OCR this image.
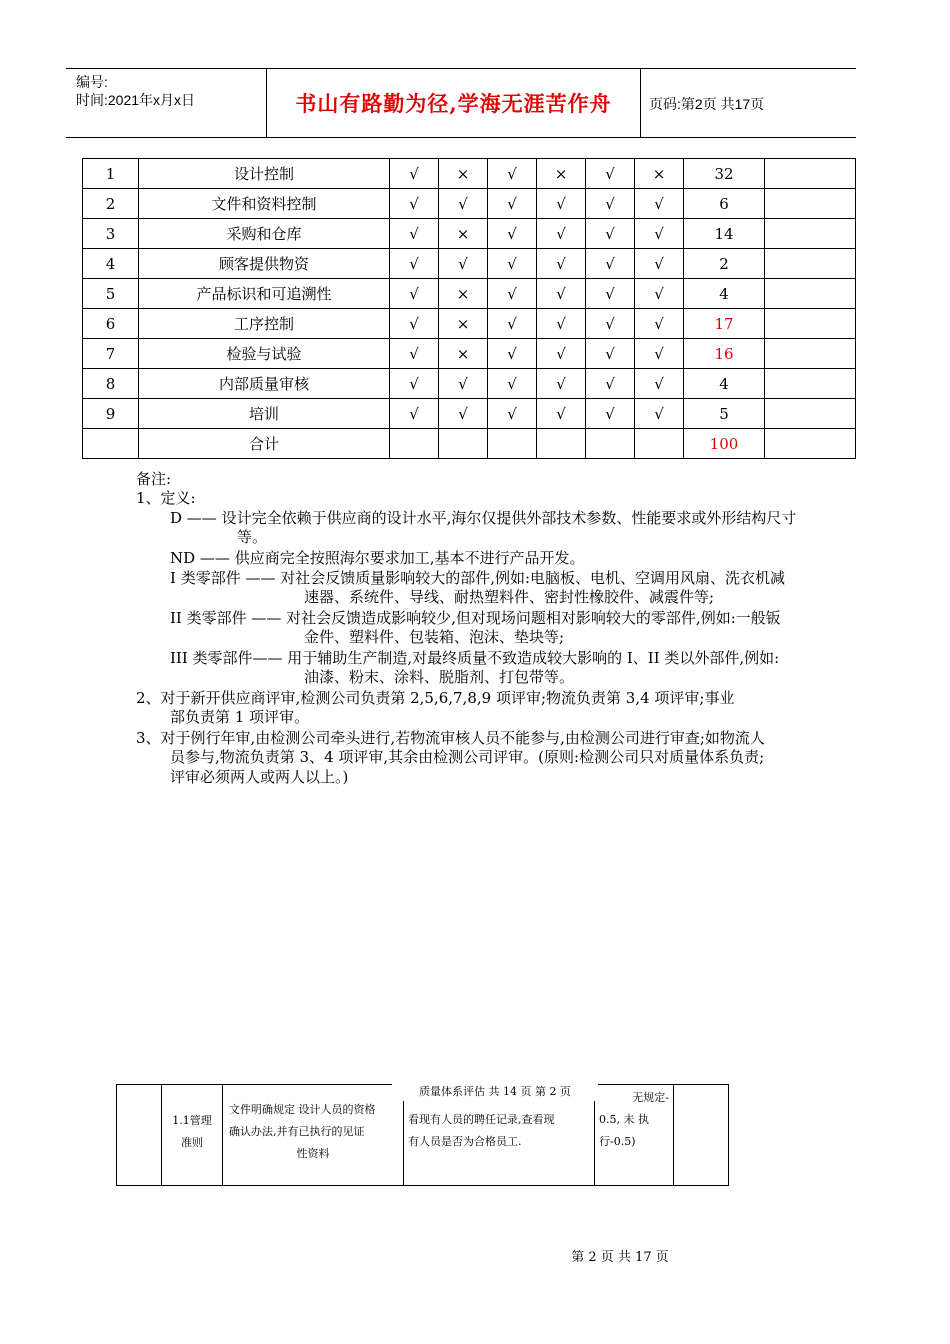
编号:
时间:2021年x月x日	书山有路勤为径,学海无涯苦作舟	页码:第2页 共17页
1	设计控制	√	×	√	×	√	×	32	
2	文件和资料控制	√	√	√	√	√	√	6	
3	采购和仓库	√	×	√	√	√	√	14	
4	顾客提供物资	√	√	√	√	√	√	2	
5	产品标识和可追溯性	√	×	√	√	√	√	4	
6	工序控制	√	×	√	√	√	√	17	
7	检验与试验	√	×	√	√	√	√	16	
8	内部质量审核	√	√	√	√	√	√	4	
9	培训	√	√	√	√	√	√	5	
	合计							100	
备注:
1、定义:
D —— 设计完全依赖于供应商的设计水平,海尔仅提供外部技术参数、性能要求或外形结构尺寸
等。
ND —— 供应商完全按照海尔要求加工,基本不进行产品开发。
I 类零部件 —— 对社会反馈质量影响较大的部件,例如:电脑板、电机、空调用风扇、洗衣机减
速器、系统件、导线、耐热塑料件、密封性橡胶件、减震件等;
II 类零部件 —— 对社会反馈造成影响较少,但对现场问题相对影响较大的零部件,例如:一般钣
金件、塑料件、包装箱、泡沫、垫块等;
III 类零部件—— 用于辅助生产制造,对最终质量不致造成较大影响的 I、II 类以外部件,例如:
油漆、粉末、涂料、脱脂剂、打包带等。
2、对于新开供应商评审,检测公司负责第 2,5,6,7,8,9 项评审;物流负责第 3,4 项评审;事业
部负责第 1 项评审。
3、对于例行年审,由检测公司牵头进行,若物流审核人员不能参与,由检测公司进行审查;如物流人
员参与,物流负责第 3、4 项评审,其余由检测公司评审。(原则:检测公司只对质量体系负责;
评审必须两人或两人以上。)

1.1管理
准则

文件明确规定 设计人员的资格
确认办法,并有已执行的见证
性资料

看现有人员的聘任记录,查看现
有人员是否为合格员工.

无规定-
0.5, 未 执
行-0.5)

质量体系评估 共 14 页 第 2 页
第 2 页 共 17 页
